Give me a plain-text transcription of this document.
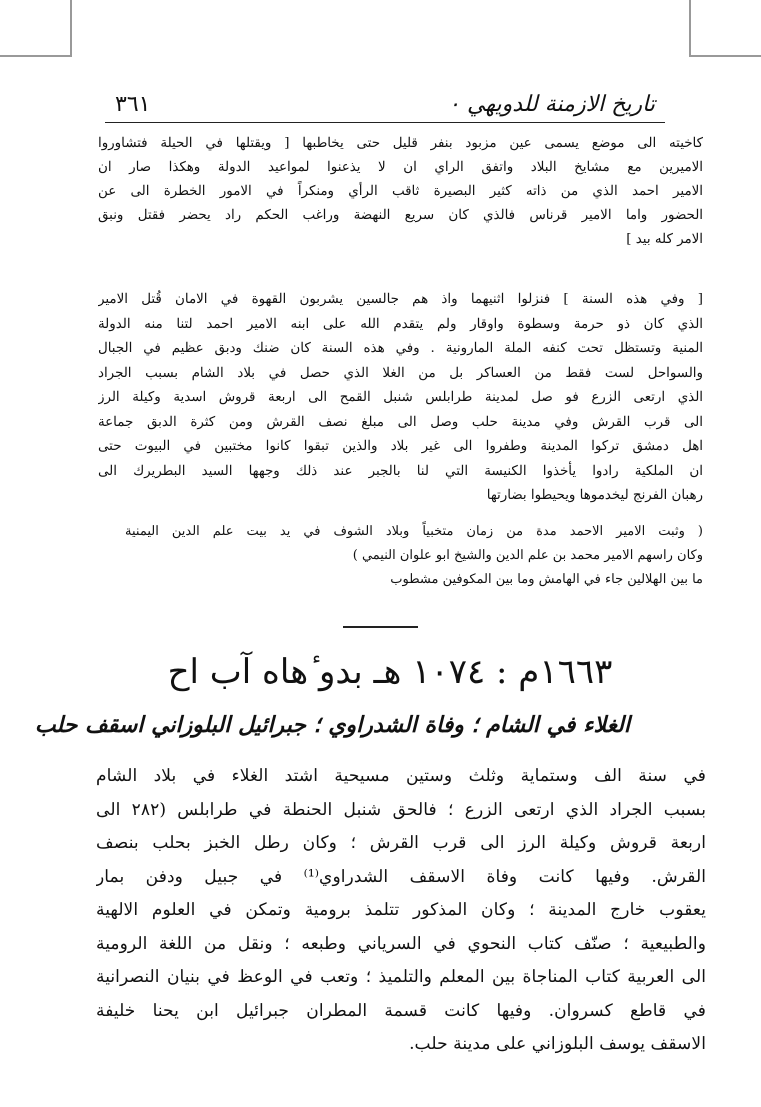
تاريخ الازمنة للدويهي ٠
٣٦١
كاخيته الى موضع يسمى عين مزبود بنفر قليل حتى يخاطبها [ ويقتلها في الحيلة فتشاوروا
الاميرين مع مشايخ البلاد واتفق الراي ان لا يذعنوا لمواعيد الدولة وهكذا صار ان
الامير احمد الذي من ذاته كثير البصيرة ثاقب الرأي ومنكراً في الامور الخطرة الى عن
الحضور واما الامير قرناس فالذي كان سريع النهضة وراغب الحكم راد يحضر فقتل ونبق
الامر كله بيد ]
[ وفي هذه السنة ] فنزلوا اثنيهما واذ هم جالسين يشربون القهوة في الامان قُتل الامير
الذي كان ذو حرمة وسطوة واوقار ولم يتقدم الله على ابنه الامير احمد لتنا منه الدولة
المنية وتستظل تحت كنفه الملة المارونية . وفي هذه السنة كان ضنك ودبق عظيم في الجبال
والسواحل لست فقط من العساكر بل من الغلا الذي حصل في بلاد الشام بسبب الجراد
الذي ارتعى الزرع فو صل لمدينة طرابلس شنبل القمح الى اربعة قروش اسدية وكيلة الرز
الى قرب القرش وفي مدينة حلب وصل الى مبلغ نصف القرش ومن كثرة الدبق جماعة
اهل دمشق تركوا المدينة وطفروا الى غير بلاد والذين تبقوا كانوا مختبين في البيوت حتى
ان الملكية رادوا يأخذوا الكنيسة التي لنا بالجبر عند ذلك وجهها السيد البطريرك الى
رهبان الفرنج ليخدموها ويحيطوا بضارتها
( وثبت الامير الاحمد مدة من زمان متخبياً وبلاد الشوف في يد بيت علم الدين اليمنية
وكان راسهم الامير محمد بن علم الدين والشيخ ابو علوان النيمي )
ما بين الهلالين جاء في الهامش وما بين المكوفين مشطوب
١٦٦٣م : ١٠٧٤ هـ بدو ٔهاه آب اح
الغلاء في الشام ؛ وفاة الشدراوي ؛ جبرائيل البلوزاني اسقف حلب
في سنة الف وستماية وثلث وستين مسيحية اشتد الغلاء في بلاد الشام
بسبب الجراد الذي ارتعى الزرع ؛ فالحق شنبل الحنطة في طرابلس (٢٨٢ الى
اربعة قروش وكيلة الرز الى قرب القرش ؛ وكان رطل الخبز بحلب بنصف
القرش. وفيها كانت وفاة الاسقف الشدراوي⁽¹⁾ في جبيل ودفن بمار
يعقوب خارج المدينة ؛ وكان المذكور تتلمذ برومية وتمكن في العلوم الالهية
والطبيعية ؛ صنّف كتاب النحوي في السرياني وطبعه ؛ ونقل من اللغة الرومية
الى العربية كتاب المناجاة بين المعلم والتلميذ ؛ وتعب في الوعظ في بنيان النصرانية
في قاطع كسروان. وفيها كانت قسمة المطران جبرائيل ابن يحنا خليفة
الاسقف يوسف البلوزاني على مدينة حلب.
